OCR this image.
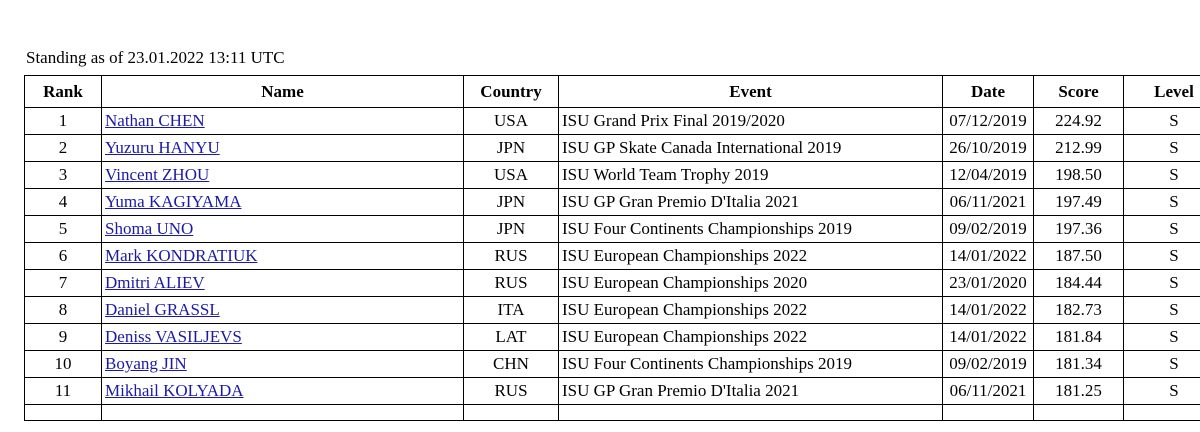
Standing as of 23.01.2022 13:11 UTC
Rank	Name	Country	Event	Date	Score	Level
1	Nathan CHEN	USA	ISU Grand Prix Final 2019/2020	07/12/2019	224.92	S
2	Yuzuru HANYU	JPN	ISU GP Skate Canada International 2019	26/10/2019	212.99	S
3	Vincent ZHOU	USA	ISU World Team Trophy 2019	12/04/2019	198.50	S
4	Yuma KAGIYAMA	JPN	ISU GP Gran Premio D'Italia 2021	06/11/2021	197.49	S
5	Shoma UNO	JPN	ISU Four Continents Championships 2019	09/02/2019	197.36	S
6	Mark KONDRATIUK	RUS	ISU European Championships 2022	14/01/2022	187.50	S
7	Dmitri ALIEV	RUS	ISU European Championships 2020	23/01/2020	184.44	S
8	Daniel GRASSL	ITA	ISU European Championships 2022	14/01/2022	182.73	S
9	Deniss VASILJEVS	LAT	ISU European Championships 2022	14/01/2022	181.84	S
10	Boyang JIN	CHN	ISU Four Continents Championships 2019	09/02/2019	181.34	S
11	Mikhail KOLYADA	RUS	ISU GP Gran Premio D'Italia 2021	06/11/2021	181.25	S
